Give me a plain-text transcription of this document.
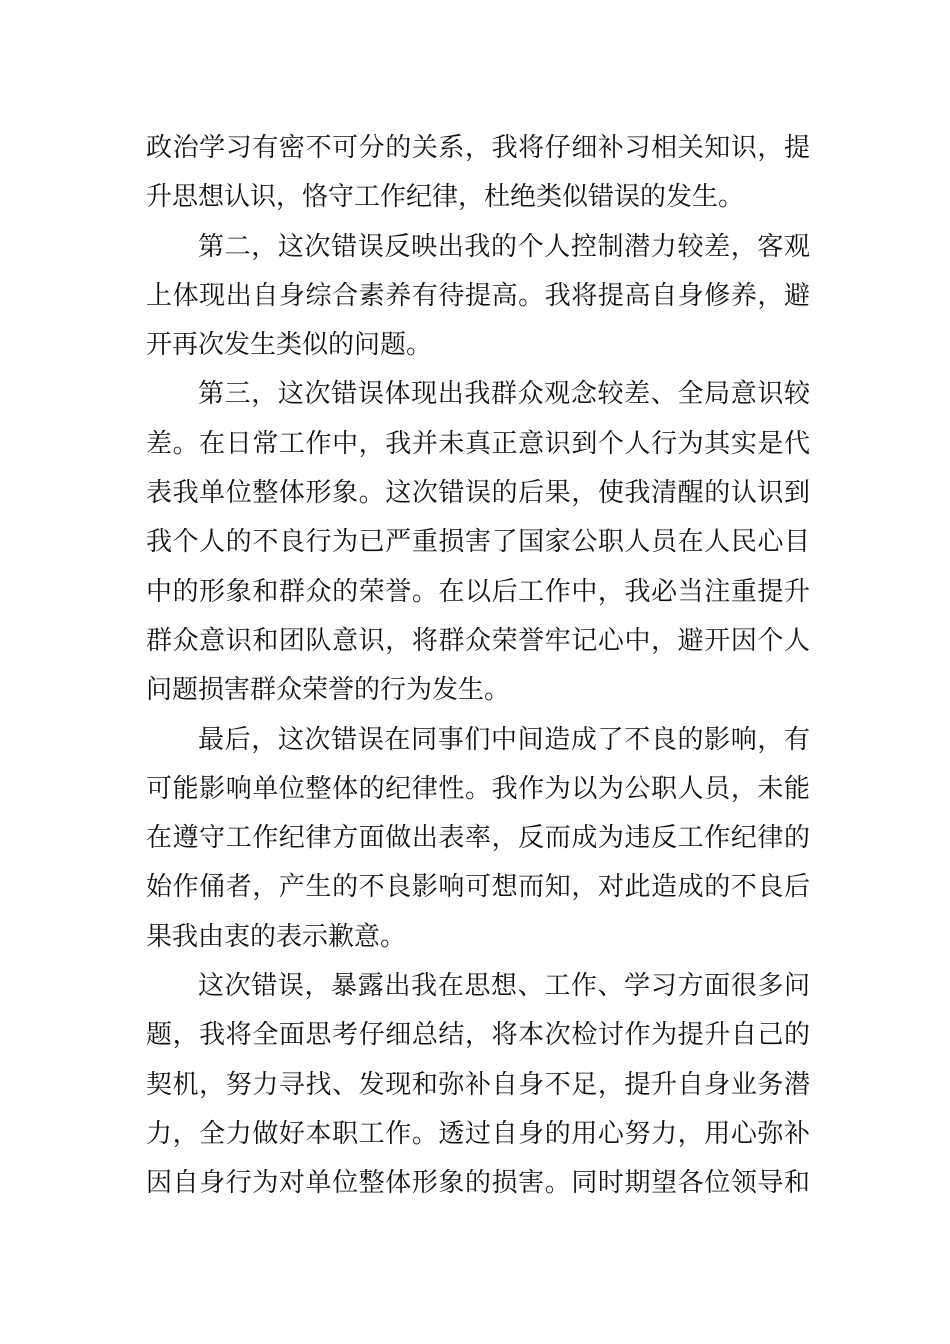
政治学习有密不可分的关系，我将仔细补习相关知识，提
升思想认识，恪守工作纪律，杜绝类似错误的发生。
第二，这次错误反映出我的个人控制潜力较差，客观
上体现出自身综合素养有待提高。我将提高自身修养，避
开再次发生类似的问题。
第三，这次错误体现出我群众观念较差、全局意识较
差。在日常工作中，我并未真正意识到个人行为其实是代
表我单位整体形象。这次错误的后果，使我清醒的认识到
我个人的不良行为已严重损害了国家公职人员在人民心目
中的形象和群众的荣誉。在以后工作中，我必当注重提升
群众意识和团队意识，将群众荣誉牢记心中，避开因个人
问题损害群众荣誉的行为发生。
最后，这次错误在同事们中间造成了不良的影响，有
可能影响单位整体的纪律性。我作为以为公职人员，未能
在遵守工作纪律方面做出表率，反而成为违反工作纪律的
始作俑者，产生的不良影响可想而知，对此造成的不良后
果我由衷的表示歉意。
这次错误，暴露出我在思想、工作、学习方面很多问
题，我将全面思考仔细总结，将本次检讨作为提升自己的
契机，努力寻找、发现和弥补自身不足，提升自身业务潜
力，全力做好本职工作。透过自身的用心努力，用心弥补
因自身行为对单位整体形象的损害。同时期望各位领导和
